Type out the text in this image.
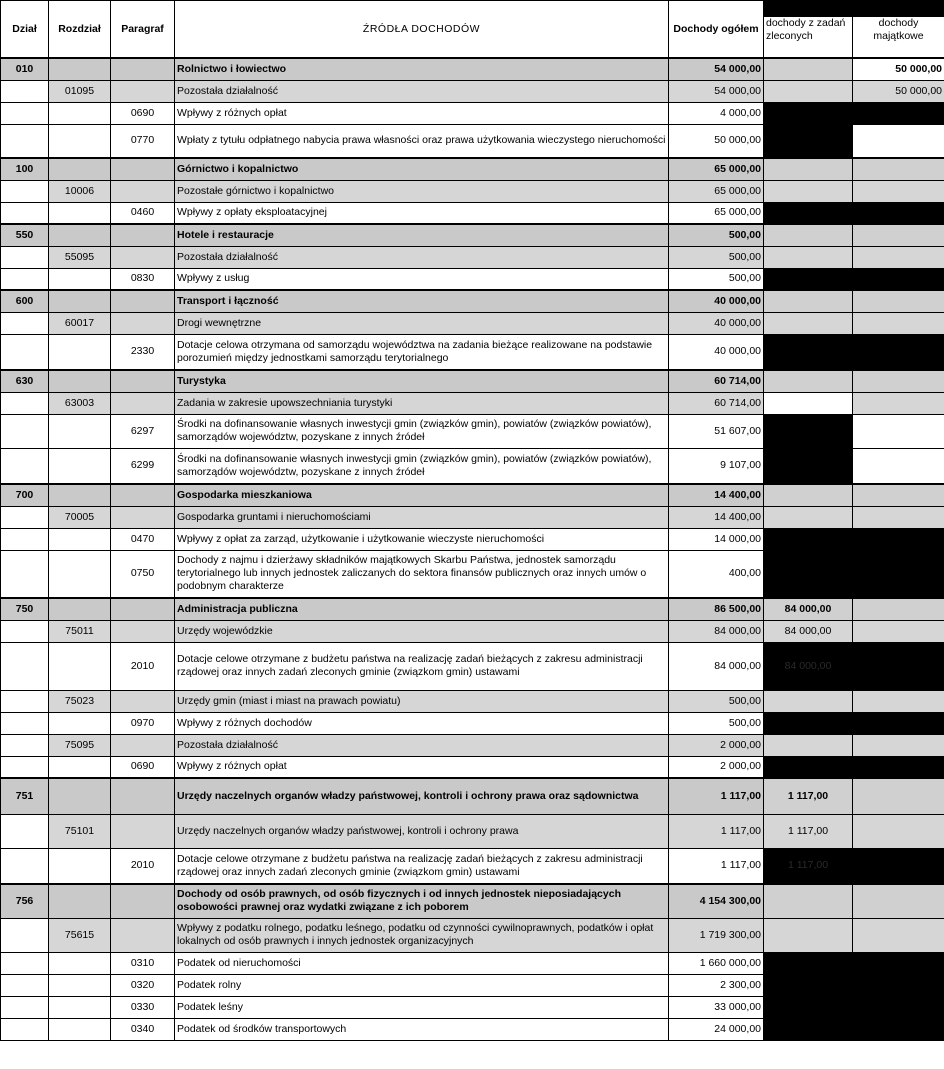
Dział	Rozdział	Paragraf	ŹRÓDŁA DOCHODÓW	Dochody ogółem	w tym:	
					dochody z zadań zleconych	dochody majątkowe
010			Rolnictwo i łowiectwo	54 000,00		50 000,00
	01095		Pozostała działalność	54 000,00		50 000,00
		0690	Wpływy z różnych opłat	4 000,00		
		0770	Wpłaty z tytułu odpłatnego nabycia prawa własności oraz prawa użytkowania wieczystego nieruchomości	50 000,00		
100			Górnictwo i kopalnictwo	65 000,00		
	10006		Pozostałe górnictwo i kopalnictwo	65 000,00		
		0460	Wpływy z opłaty eksploatacyjnej	65 000,00		
550			Hotele i restauracje	500,00		
	55095		Pozostała działalność	500,00		
		0830	Wpływy z usług	500,00		
600			Transport i łączność	40 000,00		
	60017		Drogi wewnętrzne	40 000,00		
		2330	Dotacje celowa otrzymana od samorządu województwa na zadania bieżące realizowane na podstawie porozumień między jednostkami samorządu terytorialnego	40 000,00		
630			Turystyka	60 714,00		
	63003		Zadania w zakresie upowszechniania turystyki	60 714,00		
		6297	Środki na dofinansowanie własnych inwestycji gmin (związków gmin), powiatów (związków powiatów), samorządów województw, pozyskane z innych źródeł	51 607,00		
		6299	Środki na dofinansowanie własnych inwestycji gmin (związków gmin), powiatów (związków powiatów), samorządów województw, pozyskane z innych źródeł	9 107,00		
700			Gospodarka mieszkaniowa	14 400,00		
	70005		Gospodarka gruntami i nieruchomościami	14 400,00		
		0470	Wpływy z opłat za zarząd, użytkowanie i użytkowanie wieczyste nieruchomości	14 000,00		
		0750	Dochody z najmu i dzierżawy składników majątkowych Skarbu Państwa, jednostek samorządu terytorialnego lub innych jednostek zaliczanych do sektora finansów publicznych oraz innych umów o podobnym charakterze	400,00		
750			Administracja publiczna	86 500,00	84 000,00	
	75011		Urzędy wojewódzkie	84 000,00	84 000,00	
		2010	Dotacje celowe otrzymane z budżetu państwa na realizację zadań bieżących z zakresu administracji rządowej oraz innych zadań zleconych gminie (związkom gmin) ustawami	84 000,00	84 000,00	
	75023		Urzędy gmin (miast i miast na prawach powiatu)	500,00		
		0970	Wpływy z różnych dochodów	500,00		
	75095		Pozostała działalność	2 000,00		
		0690	Wpływy z różnych opłat	2 000,00		
751			Urzędy naczelnych organów władzy państwowej, kontroli i ochrony prawa oraz sądownictwa	1 117,00	1 117,00	
	75101		Urzędy naczelnych organów władzy państwowej, kontroli i ochrony prawa	1 117,00	1 117,00	
		2010	Dotacje celowe otrzymane z budżetu państwa na realizację zadań bieżących z zakresu administracji rządowej oraz innych zadań zleconych gminie (związkom gmin) ustawami	1 117,00	1 117,00	
756			Dochody od osób prawnych, od osób fizycznych i od innych jednostek nieposiadających osobowości prawnej oraz wydatki związane z ich poborem	4 154 300,00		
	75615		Wpływy z podatku rolnego, podatku leśnego, podatku od czynności cywilnoprawnych, podatków i opłat lokalnych od osób prawnych i innych jednostek organizacyjnych	1 719 300,00		
		0310	Podatek od nieruchomości	1 660 000,00		
		0320	Podatek rolny	2 300,00		
		0330	Podatek leśny	33 000,00		
		0340	Podatek od środków transportowych	24 000,00		
